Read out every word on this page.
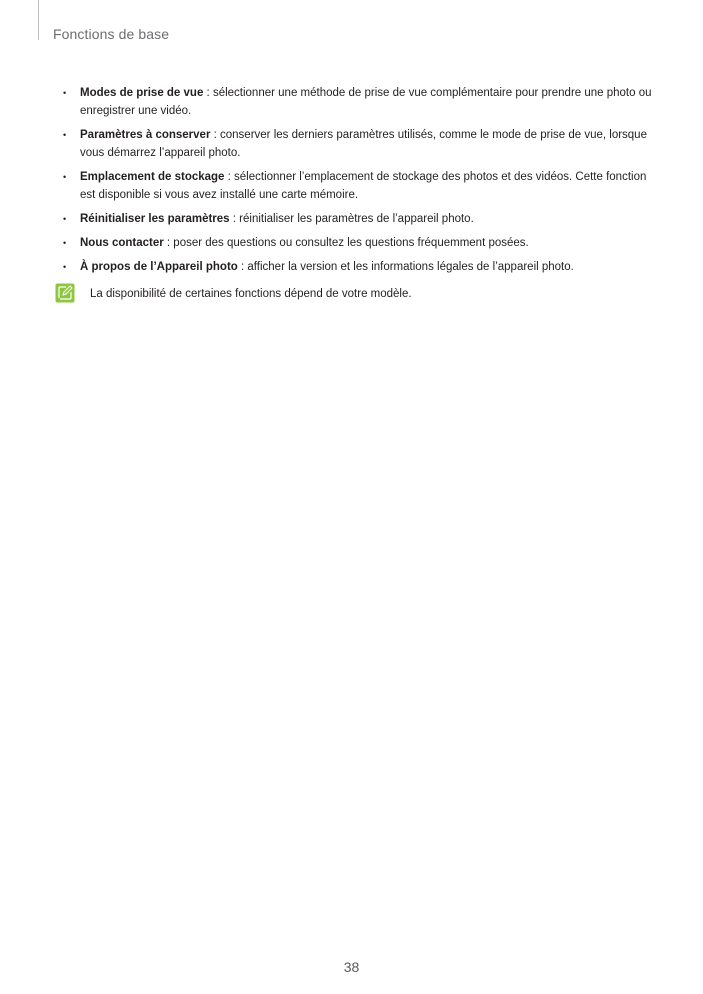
Fonctions de base
• Modes de prise de vue : sélectionner une méthode de prise de vue complémentaire pour prendre une photo ou enregistrer une vidéo.
• Paramètres à conserver : conserver les derniers paramètres utilisés, comme le mode de prise de vue, lorsque vous démarrez l’appareil photo.
• Emplacement de stockage : sélectionner l’emplacement de stockage des photos et des vidéos. Cette fonction est disponible si vous avez installé une carte mémoire.
• Réinitialiser les paramètres : réinitialiser les paramètres de l’appareil photo.
• Nous contacter : poser des questions ou consultez les questions fréquemment posées.
• À propos de l’Appareil photo : afficher la version et les informations légales de l’appareil photo.
La disponibilité de certaines fonctions dépend de votre modèle.
38
